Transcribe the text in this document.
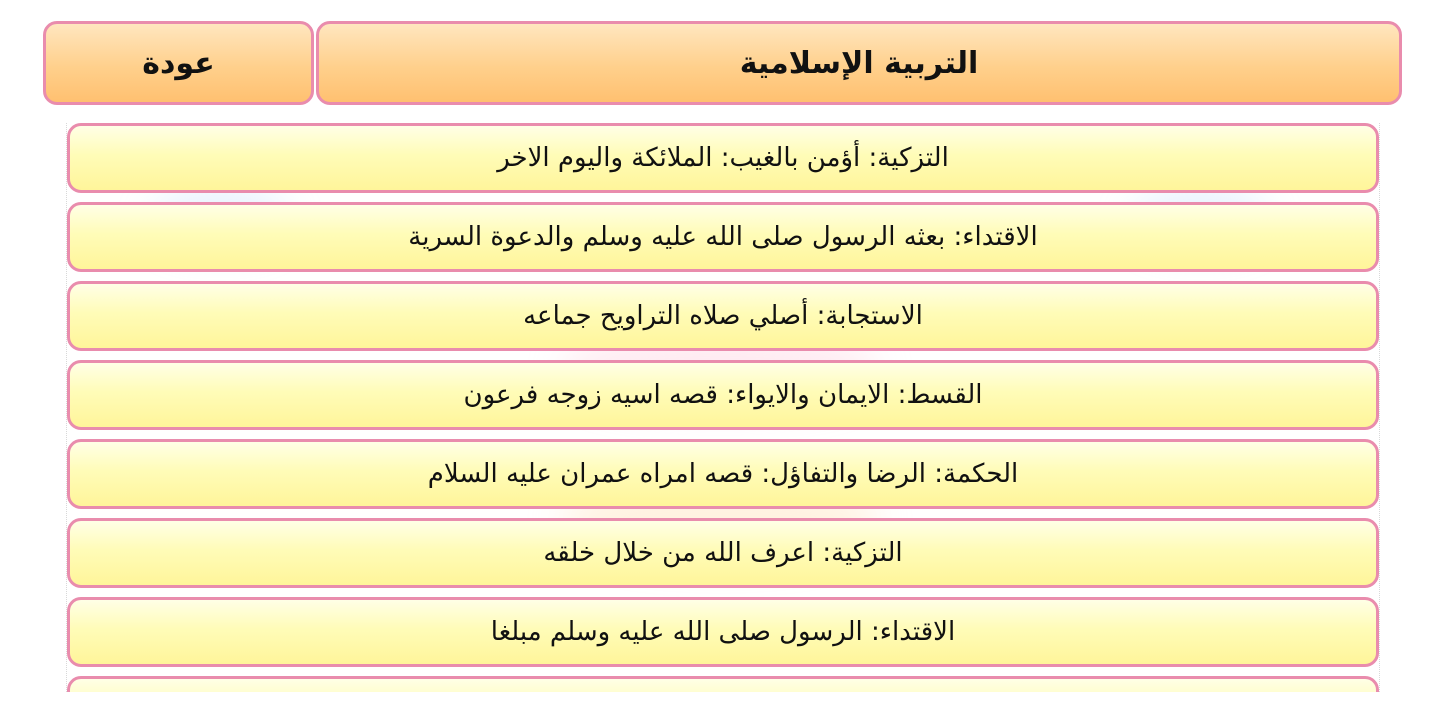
عودة	التربية الإسلامية
التزكية: أؤمن بالغيب: الملائكة واليوم الاخر
الاقتداء: بعثه الرسول صلى الله عليه وسلم والدعوة السرية
الاستجابة: أصلي صلاه التراويح جماعه
القسط: الايمان والايواء: قصه اسيه زوجه فرعون
الحكمة: الرضا والتفاؤل: قصه امراه عمران عليه السلام
التزكية: اعرف الله من خلال خلقه
الاقتداء: الرسول صلى الله عليه وسلم مبلغا
